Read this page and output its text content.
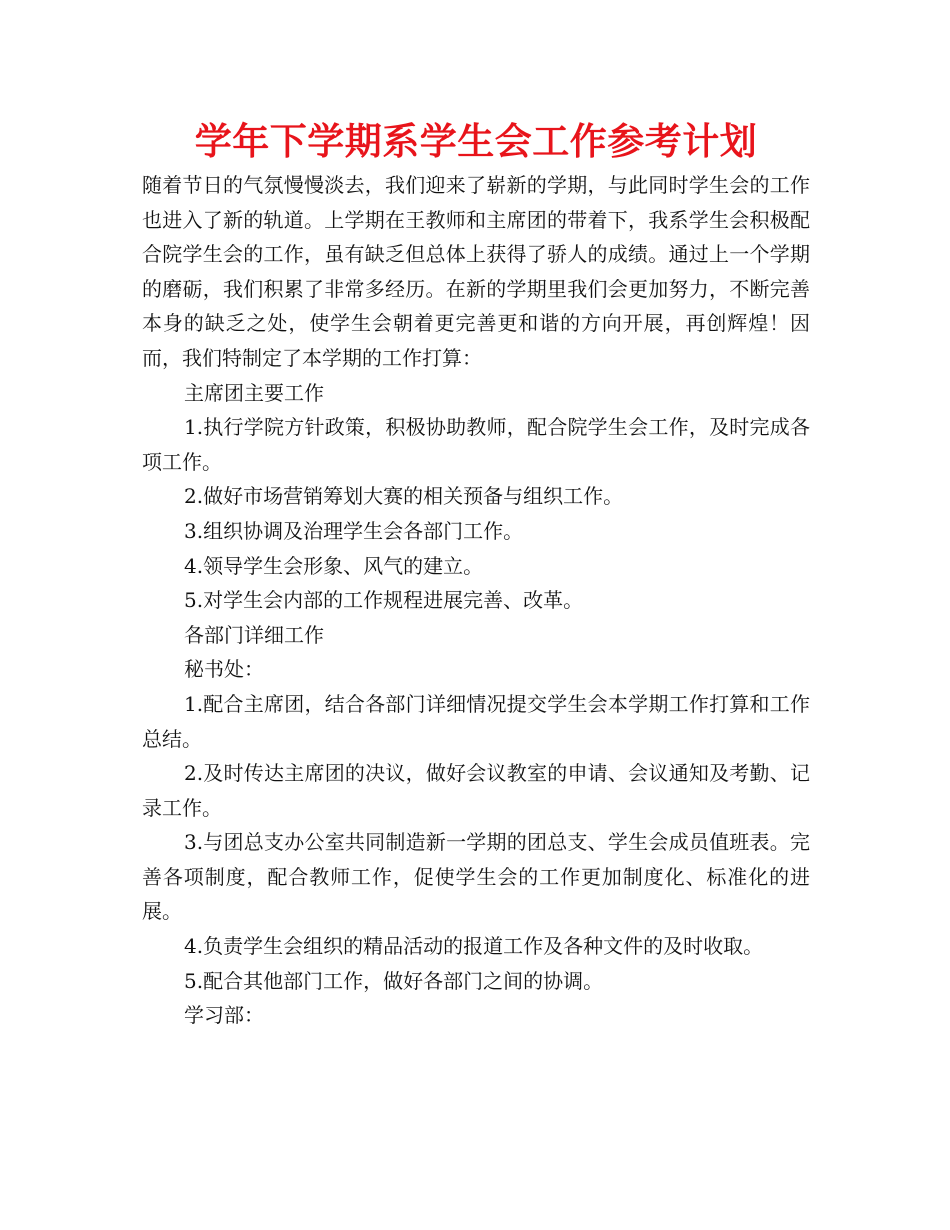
学年下学期系学生会工作参考计划

随着节日的气氛慢慢淡去，我们迎来了崭新的学期，与此同时学生会的工作也进入了新的轨道。上学期在王教师和主席团的带着下，我系学生会积极配合院学生会的工作，虽有缺乏但总体上获得了骄人的成绩。通过上一个学期的磨砺，我们积累了非常多经历。在新的学期里我们会更加努力，不断完善本身的缺乏之处，使学生会朝着更完善更和谐的方向开展，再创辉煌！因而，我们特制定了本学期的工作打算：

主席团主要工作

1.执行学院方针政策，积极协助教师，配合院学生会工作，及时完成各项工作。

2.做好市场营销筹划大赛的相关预备与组织工作。

3.组织协调及治理学生会各部门工作。

4.领导学生会形象、风气的建立。

5.对学生会内部的工作规程进展完善、改革。

各部门详细工作

秘书处：

1.配合主席团，结合各部门详细情况提交学生会本学期工作打算和工作总结。

2.及时传达主席团的决议，做好会议教室的申请、会议通知及考勤、记录工作。

3.与团总支办公室共同制造新一学期的团总支、学生会成员值班表。完善各项制度，配合教师工作，促使学生会的工作更加制度化、标准化的进展。

4.负责学生会组织的精品活动的报道工作及各种文件的及时收取。

5.配合其他部门工作，做好各部门之间的协调。

学习部：
